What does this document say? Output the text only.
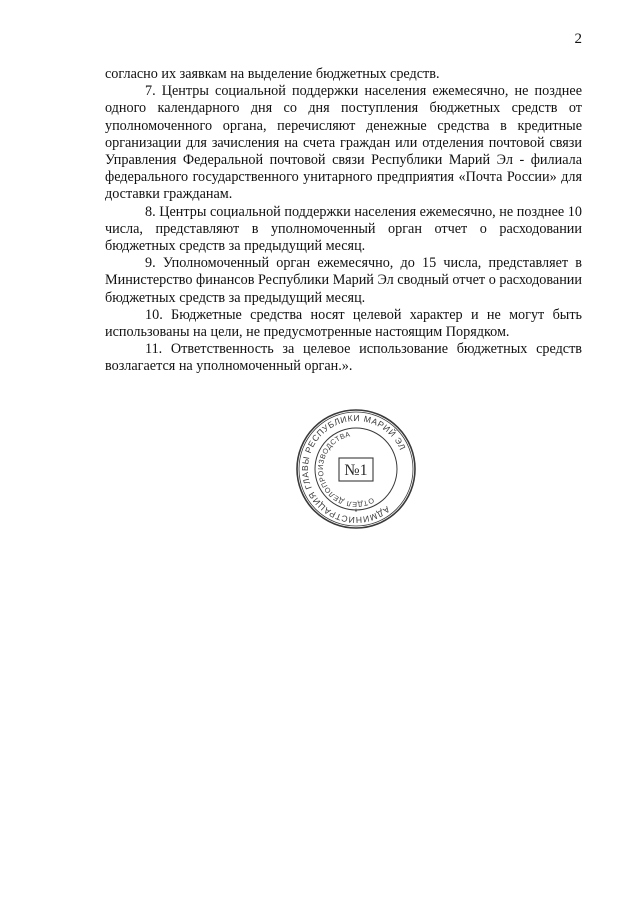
2

согласно их заявкам на выделение бюджетных средств.

7. Центры социальной поддержки населения ежемесячно, не позднее одного календарного дня со дня поступления бюджетных средств от уполномоченного органа, перечисляют денежные средства в кредитные организации для зачисления на счета граждан или отделения почтовой связи Управления Федеральной почтовой связи Республики Марий Эл - филиала федерального государственного унитарного предприятия «Почта России» для доставки гражданам.

8. Центры социальной поддержки населения ежемесячно, не позднее 10 числа, представляют в уполномоченный орган отчет о расходовании бюджетных средств за предыдущий месяц.

9. Уполномоченный орган ежемесячно, до 15 числа, представляет в Министерство финансов Республики Марий Эл сводный отчет о расходовании бюджетных средств за предыдущий месяц.

10. Бюджетные средства носят целевой характер и не могут быть использованы на цели, не предусмотренные настоящим Порядком.

11. Ответственность за целевое использование бюджетных средств возлагается на уполномоченный орган.».

АДМИНИСТРАЦИЯ ГЛАВЫ РЕСПУБЛИКИ МАРИЙ ЭЛ
ОТДЕЛ ДЕЛОПРОИЗВОДСТВА
№1
*
